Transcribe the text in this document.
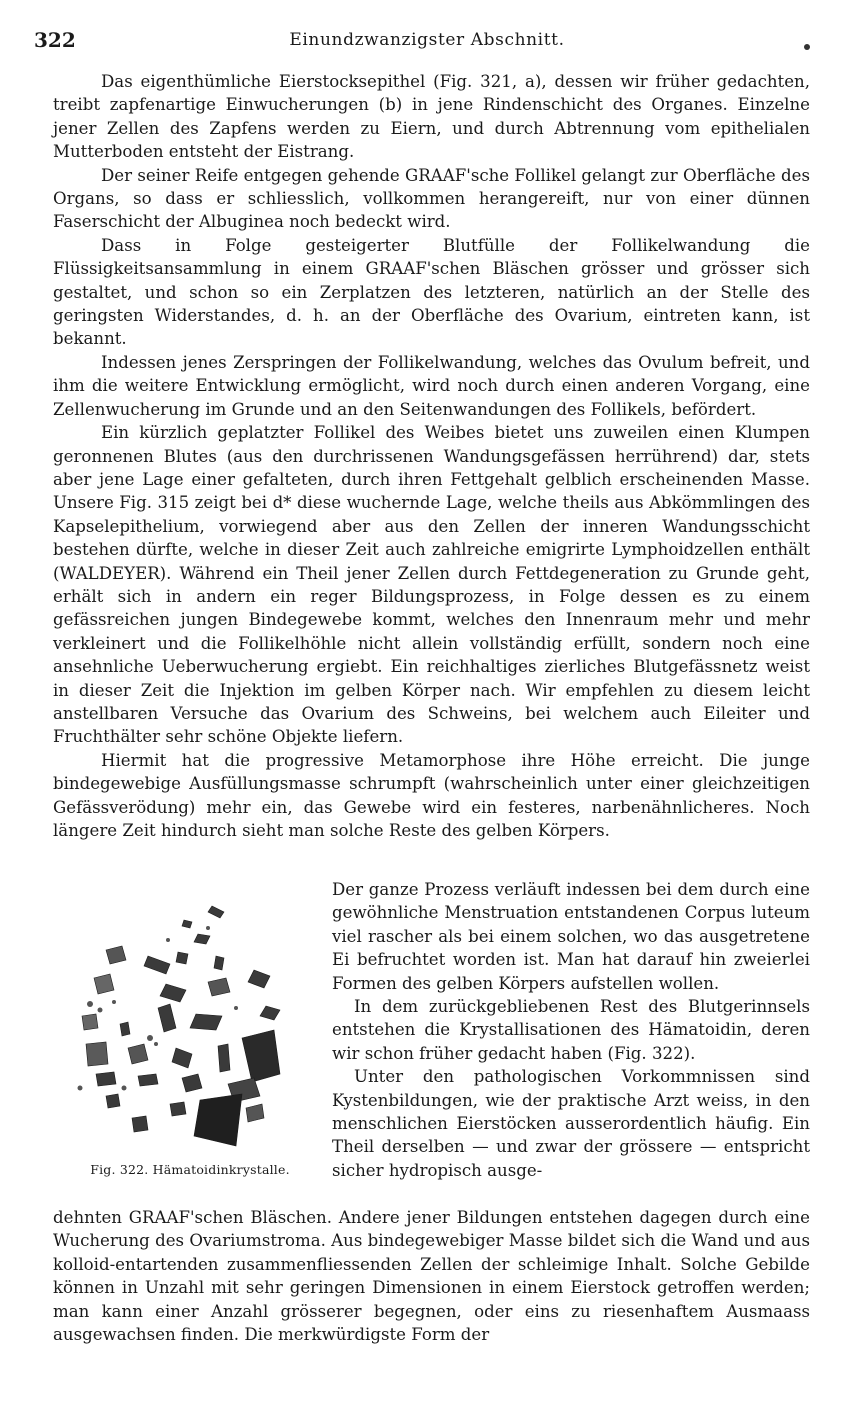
322	Einundzwanzigster Abschnitt.

Das eigenthümliche Eierstocksepithel (Fig. 321, a), dessen wir früher gedachten, treibt zapfenartige Einwucherungen (b) in jene Rindenschicht des Organes. Einzelne jener Zellen des Zapfens werden zu Eiern, und durch Abtrennung vom epithelialen Mutterboden entsteht der Eistrang.

Der seiner Reife entgegen gehende GRAAF'sche Follikel gelangt zur Oberfläche des Organs, so dass er schliesslich, vollkommen herangereift, nur von einer dünnen Faserschicht der Albuginea noch bedeckt wird.

Dass in Folge gesteigerter Blutfülle der Follikelwandung die Flüssigkeitsansammlung in einem GRAAF'schen Bläschen grösser und grösser sich gestaltet, und schon so ein Zerplatzen des letzteren, natürlich an der Stelle des geringsten Widerstandes, d. h. an der Oberfläche des Ovarium, eintreten kann, ist bekannt.

Indessen jenes Zerspringen der Follikelwandung, welches das Ovulum befreit, und ihm die weitere Entwicklung ermöglicht, wird noch durch einen anderen Vorgang, eine Zellenwucherung im Grunde und an den Seitenwandungen des Follikels, befördert.

Ein kürzlich geplatzter Follikel des Weibes bietet uns zuweilen einen Klumpen geronnenen Blutes (aus den durchrissenen Wandungsgefässen herrührend) dar, stets aber jene Lage einer gefalteten, durch ihren Fettgehalt gelblich erscheinenden Masse. Unsere Fig. 315 zeigt bei d* diese wuchernde Lage, welche theils aus Abkömmlingen des Kapselepithelium, vorwiegend aber aus den Zellen der inneren Wandungsschicht bestehen dürfte, welche in dieser Zeit auch zahlreiche emigrirte Lymphoidzellen enthält (WALDEYER). Während ein Theil jener Zellen durch Fettdegeneration zu Grunde geht, erhält sich in andern ein reger Bildungsprozess, in Folge dessen es zu einem gefässreichen jungen Bindegewebe kommt, welches den Innenraum mehr und mehr verkleinert und die Follikelhöhle nicht allein vollständig erfüllt, sondern noch eine ansehnliche Ueberwucherung ergiebt. Ein reichhaltiges zierliches Blutgefässnetz weist in dieser Zeit die Injektion im gelben Körper nach. Wir empfehlen zu diesem leicht anstellbaren Versuche das Ovarium des Schweins, bei welchem auch Eileiter und Fruchthälter sehr schöne Objekte liefern.

Hiermit hat die progressive Metamorphose ihre Höhe erreicht. Die junge bindegewebige Ausfüllungsmasse schrumpft (wahrscheinlich unter einer gleichzeitigen Gefässverödung) mehr ein, das Gewebe wird ein festeres, narbenähnlicheres. Noch längere Zeit hindurch sieht man solche Reste des gelben Körpers.

Fig. 322. Hämatoidinkrystalle.

Der ganze Prozess verläuft indessen bei dem durch eine gewöhnliche Menstruation entstandenen Corpus luteum viel rascher als bei einem solchen, wo das ausgetretene Ei befruchtet worden ist. Man hat darauf hin zweierlei Formen des gelben Körpers aufstellen wollen.

In dem zurückgebliebenen Rest des Blutgerinnsels entstehen die Krystallisationen des Hämatoidin, deren wir schon früher gedacht haben (Fig. 322).

Unter den pathologischen Vorkommnissen sind Kystenbildungen, wie der praktische Arzt weiss, in den menschlichen Eierstöcken ausserordentlich häufig. Ein Theil derselben — und zwar der grössere — entspricht sicher hydropisch ausge-

dehnten GRAAF'schen Bläschen. Andere jener Bildungen entstehen dagegen durch eine Wucherung des Ovariumstroma. Aus bindegewebiger Masse bildet sich die Wand und aus kolloid-entartenden zusammenfliessenden Zellen der schleimige Inhalt. Solche Gebilde können in Unzahl mit sehr geringen Dimensionen in einem Eierstock getroffen werden; man kann einer Anzahl grösserer begegnen, oder eins zu riesenhaftem Ausmaass ausgewachsen finden. Die merkwürdigste Form der
